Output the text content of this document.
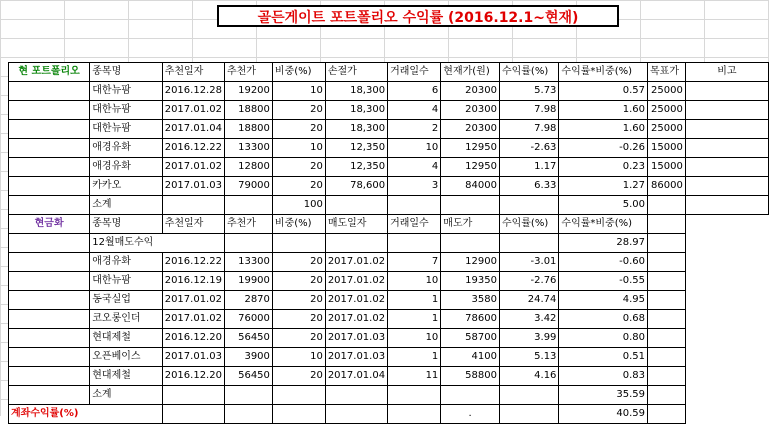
골든게이트 포트폴리오 수익률 (2016.12.1~현재)
현 포트폴리오	종목명	추천일자	추천가	비중(%)	손절가	거래일수	현재가(원)	수익률(%)	수익률*비중(%)	목표가	비고
	대한뉴팜	2016.12.28	19200	10	18,300	6	20300	5.73	0.57	25000	
	대한뉴팜	2017.01.02	18800	20	18,300	4	20300	7.98	1.60	25000	
	대한뉴팜	2017.01.04	18800	20	18,300	2	20300	7.98	1.60	25000	
	애경유화	2016.12.22	13300	10	12,350	10	12950	-2.63	-0.26	15000	
	애경유화	2017.01.02	12800	20	12,350	4	12950	1.17	0.23	15000	
	카카오	2017.01.03	79000	20	78,600	3	84000	6.33	1.27	86000	
	소계			100					5.00		
현금화	종목명	추천일자	추천가	비중(%)	매도일자	거래일수	매도가	수익률(%)	수익률*비중(%)		
	12월매도수익								28.97		
	애경유화	2016.12.22	13300	20	2017.01.02	7	12900	-3.01	-0.60		
	대한뉴팜	2016.12.19	19900	20	2017.01.02	10	19350	-2.76	-0.55		
	동국실업	2017.01.02	2870	20	2017.01.02	1	3580	24.74	4.95		
	코오롱인더	2017.01.02	76000	20	2017.01.02	1	78600	3.42	0.68		
	현대제철	2016.12.20	56450	20	2017.01.03	10	58700	3.99	0.80		
	오픈베이스	2017.01.03	3900	10	2017.01.03	1	4100	5.13	0.51		
	현대제철	2016.12.20	56450	20	2017.01.04	11	58800	4.16	0.83		
	소계								35.59		
계좌수익률(%)							.		40.59		
